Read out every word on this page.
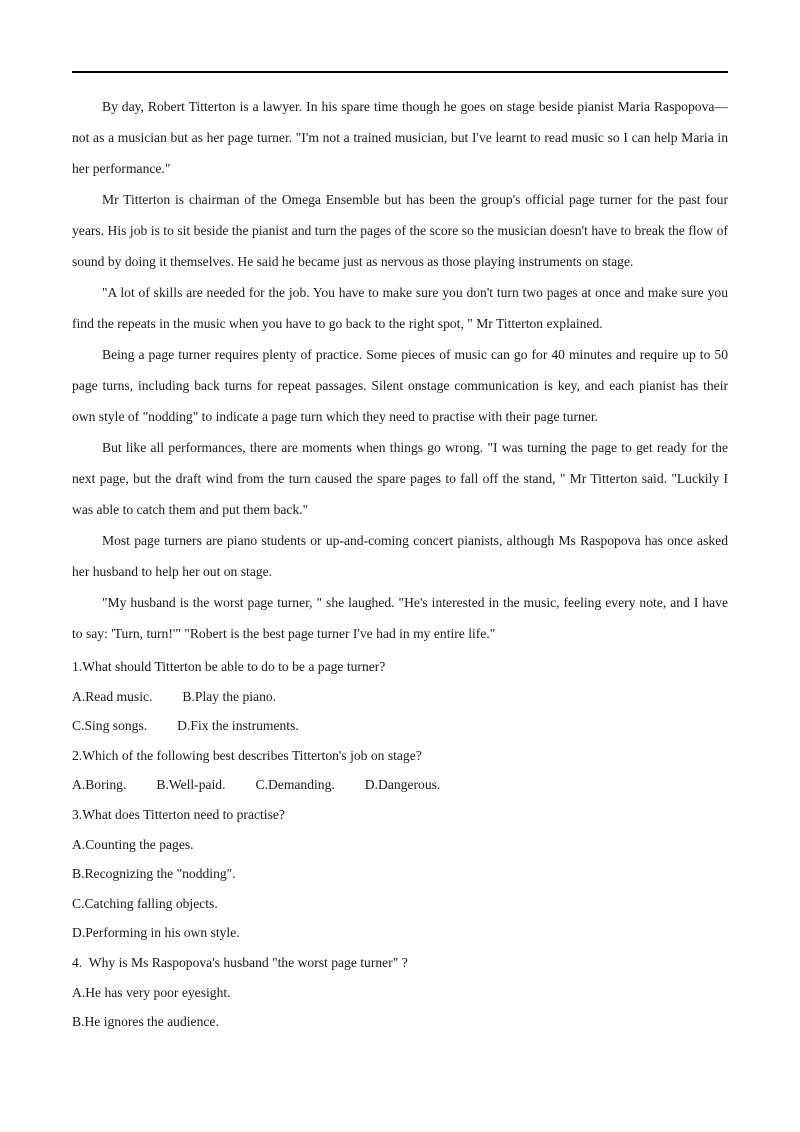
By day, Robert Titterton is a lawyer. In his spare time though he goes on stage beside pianist Maria Raspopova—not as a musician but as her page turner. "I'm not a trained musician, but I've learnt to read music so I can help Maria in her performance."

Mr Titterton is chairman of the Omega Ensemble but has been the group's official page turner for the past four years. His job is to sit beside the pianist and turn the pages of the score so the musician doesn't have to break the flow of sound by doing it themselves. He said he became just as nervous as those playing instruments on stage.

"A lot of skills are needed for the job. You have to make sure you don't turn two pages at once and make sure you find the repeats in the music when you have to go back to the right spot, " Mr Titterton explained.

Being a page turner requires plenty of practice. Some pieces of music can go for 40 minutes and require up to 50 page turns, including back turns for repeat passages. Silent onstage communication is key, and each pianist has their own style of "nodding" to indicate a page turn which they need to practise with their page turner.

But like all performances, there are moments when things go wrong. "I was turning the page to get ready for the next page, but the draft wind from the turn caused the spare pages to fall off the stand, " Mr Titterton said. "Luckily I was able to catch them and put them back."

Most page turners are piano students or up-and-coming concert pianists, although Ms Raspopova has once asked her husband to help her out on stage.

"My husband is the worst page turner, " she laughed. "He's interested in the music, feeling every note, and I have to say: 'Turn, turn!'" "Robert is the best page turner I've had in my entire life."

1.What should Titterton be able to do to be a page turner?
A.Read music. B.Play the piano.
C.Sing songs. D.Fix the instruments.
2.Which of the following best describes Titterton's job on stage?
A.Boring. B.Well-paid. C.Demanding. D.Dangerous.
3.What does Titterton need to practise?
A.Counting the pages.
B.Recognizing the "nodding".
C.Catching falling objects.
D.Performing in his own style.
4.  Why is Ms Raspopova's husband "the worst page turner" ?
A.He has very poor eyesight.
B.He ignores the audience.
